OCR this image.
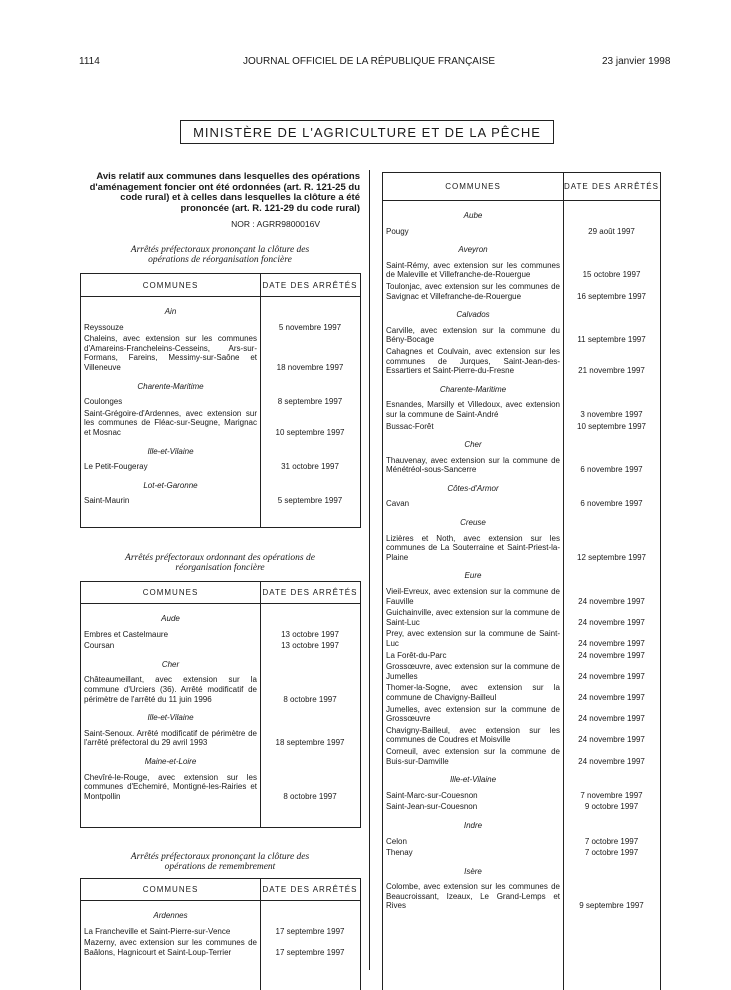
1114	JOURNAL OFFICIEL DE LA RÉPUBLIQUE FRANÇAISE	23 janvier 1998
MINISTÈRE DE L'AGRICULTURE ET DE LA PÊCHE
Avis relatif aux communes dans lesquelles des opérations d'aménagement foncier ont été ordonnées (art. R. 121-25 du code rural) et à celles dans lesquelles la clôture a été prononcée (art. R. 121-29 du code rural)
NOR : AGRR9800016V
Arrêtés préfectoraux prononçant la clôture des opérations de réorganisation foncière
COMMUNES	DATE DES ARRÊTÉS
Ain
Reyssouze	5 novembre 1997
Chaleins, avec extension sur les communes d'Amareins-Francheleins-Cesseins, Ars-sur-Formans, Fareins, Messimy-sur-Saône et Villeneuve	18 novembre 1997
Charente-Maritime
Coulonges	8 septembre 1997
Saint-Grégoire-d'Ardennes, avec extension sur les communes de Fléac-sur-Seugne, Marignac et Mosnac	10 septembre 1997
Ille-et-Vilaine
Le Petit-Fougeray	31 octobre 1997
Lot-et-Garonne
Saint-Maurin	5 septembre 1997
Arrêtés préfectoraux ordonnant des opérations de réorganisation foncière
COMMUNES	DATE DES ARRÊTÉS
Aude
Embres et Castelmaure	13 octobre 1997
Coursan	13 octobre 1997
Cher
Châteaumeillant, avec extension sur la commune d'Urciers (36). Arrêté modificatif de périmètre de l'arrêté du 11 juin 1996	8 octobre 1997
Ille-et-Vilaine
Saint-Senoux. Arrêté modificatif de périmètre de l'arrêté préfectoral du 29 avril 1993	18 septembre 1997
Maine-et-Loire
Chevîré-le-Rouge, avec extension sur les communes d'Echemiré, Montigné-les-Rairies et Montpollin	8 octobre 1997
Arrêtés préfectoraux prononçant la clôture des opérations de remembrement
COMMUNES	DATE DES ARRÊTÉS
Ardennes
La Francheville et Saint-Pierre-sur-Vence	17 septembre 1997
Mazerny, avec extension sur les communes de Baâlons, Hagnicourt et Saint-Loup-Terrier	17 septembre 1997
COMMUNES	DATE DES ARRÊTÉS
Aube
Pougy	29 août 1997
Aveyron
Saint-Rémy, avec extension sur les communes de Maleville et Villefranche-de-Rouergue	15 octobre 1997
Toulonjac, avec extension sur les communes de Savignac et Villefranche-de-Rouergue	16 septembre 1997
Calvados
Carville, avec extension sur la commune du Bény-Bocage	11 septembre 1997
Cahagnes et Coulvain, avec extension sur les communes de Jurques, Saint-Jean-des-Essartiers et Saint-Pierre-du-Fresne	21 novembre 1997
Charente-Maritime
Esnandes, Marsilly et Villedoux, avec extension sur la commune de Saint-André	3 novembre 1997
Bussac-Forêt	10 septembre 1997
Cher
Thauvenay, avec extension sur la commune de Ménétréol-sous-Sancerre	6 novembre 1997
Côtes-d'Armor
Cavan	6 novembre 1997
Creuse
Lizières et Noth, avec extension sur les communes de La Souterraine et Saint-Priest-la-Plaine	12 septembre 1997
Eure
Vieil-Evreux, avec extension sur la commune de Fauville	24 novembre 1997
Guichainville, avec extension sur la commune de Saint-Luc	24 novembre 1997
Prey, avec extension sur la commune de Saint-Luc	24 novembre 1997
La Forêt-du-Parc	24 novembre 1997
Grossœuvre, avec extension sur la commune de Jumelles	24 novembre 1997
Thomer-la-Sogne, avec extension sur la commune de Chavigny-Bailleul	24 novembre 1997
Jumelles, avec extension sur la commune de Grossœuvre	24 novembre 1997
Chavigny-Bailleul, avec extension sur les communes de Coudres et Moisville	24 novembre 1997
Corneuil, avec extension sur la commune de Buis-sur-Damville	24 novembre 1997
Ille-et-Vilaine
Saint-Marc-sur-Couesnon	7 novembre 1997
Saint-Jean-sur-Couesnon	9 octobre 1997
Indre
Celon	7 octobre 1997
Thenay	7 octobre 1997
Isère
Colombe, avec extension sur les communes de Beaucroissant, Izeaux, Le Grand-Lemps et Rives	9 septembre 1997
